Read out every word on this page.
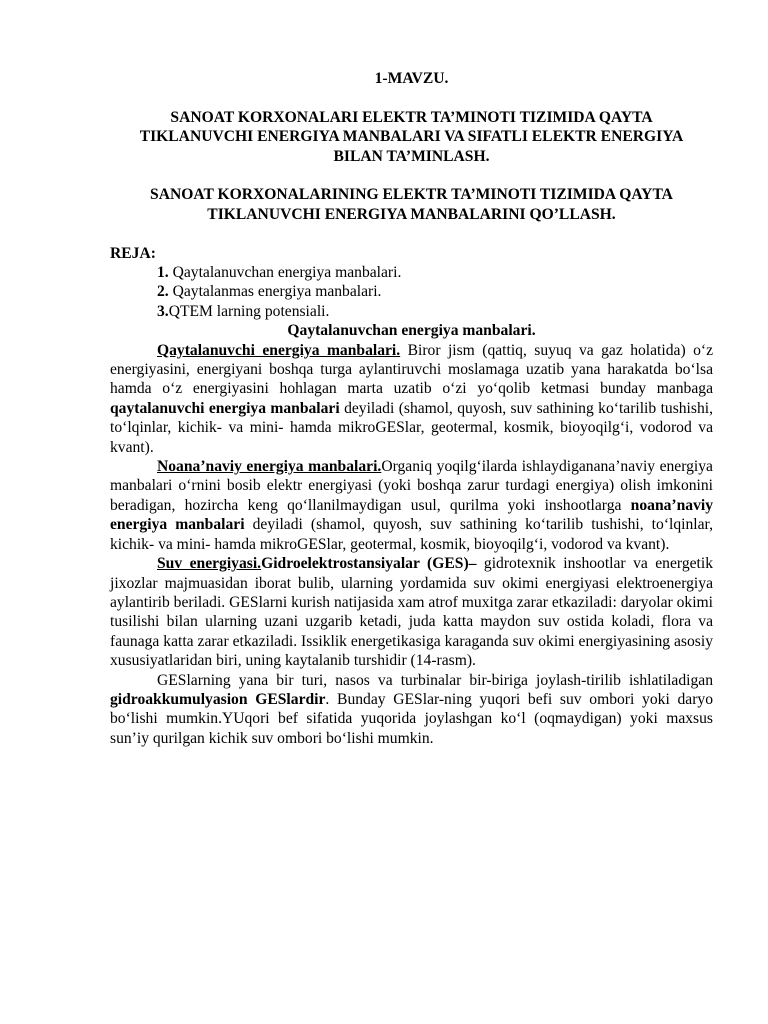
1-MAVZU.
SANOAT KORXONALARI ELEKTR TA’MINOTI TIZIMIDA QAYTA TIKLANUVCHI ENERGIYA MANBALARI VA SIFATLI ELEKTR ENERGIYA BILAN TA’MINLASH.
SANOAT KORXONALARINING ELEKTR TA’MINOTI TIZIMIDA QAYTA TIKLANUVCHI ENERGIYA MANBALARINI QO’LLASH.
REJA:
1. Qaytalanuvchan energiya manbalari.
2. Qaytalanmas energiya manbalari.
3.QTEM larning potensiali.
Qaytalanuvchan energiya manbalari.

Qaytalanuvchi energiya manbalari. Biror jism (qattiq, suyuq va gaz holatida) o‘z energiyasini, energiyani boshqa turga aylantiruvchi moslamaga uzatib yana harakatda bo‘lsa hamda o‘z energiyasini hohlagan marta uzatib o‘zi yo‘qolib ketmasi bunday manbaga qaytalanuvchi energiya manbalari deyiladi (shamol, quyosh, suv sathining ko‘tarilib tushishi, to‘lqinlar, kichik- va mini- hamda mikroGESlar, geotermal, kosmik, bioyoqilg‘i, vodorod va kvant).

Noana’naviy energiya manbalari.Organiq yoqilg‘ilarda ishlaydiganana’naviy energiya manbalari o‘rnini bosib elektr energiyasi (yoki boshqa zarur turdagi energiya) olish imkonini beradigan, hozircha keng qo‘llanilmaydigan usul, qurilma yoki inshootlarga noana’naviy energiya manbalari deyiladi (shamol, quyosh, suv sathining ko‘tarilib tushishi, to‘lqinlar, kichik- va mini- hamda mikroGESlar, geotermal, kosmik, bioyoqilg‘i, vodorod va kvant).

Suv energiyasi.Gidroelektrostansiyalar (GES)– gidrotexnik inshootlar va energetik jixozlar majmuasidan iborat bulib, ularning yordamida suv okimi energiyasi elektroenergiya aylantirib beriladi. GESlarni kurish natijasida xam atrof muxitga zarar etkaziladi: daryolar okimi tusilishi bilan ularning uzani uzgarib ketadi, juda katta maydon suv ostida koladi, flora va faunaga katta zarar etkaziladi. Issiklik energetikasiga karaganda suv okimi energiyasining asosiy xususiyatlaridan biri, uning kaytalanib turshidir (14-rasm).

GESlarning yana bir turi, nasos va turbinalar bir-biriga joylash-tirilib ishlatiladigan gidroakkumulyasion GESlardir. Bunday GESlar-ning yuqori befi suv ombori yoki daryo bo‘lishi mumkin.YUqori bef sifatida yuqorida joylashgan ko‘l (oqmaydigan) yoki maxsus sun’iy qurilgan kichik suv ombori bo‘lishi mumkin.
